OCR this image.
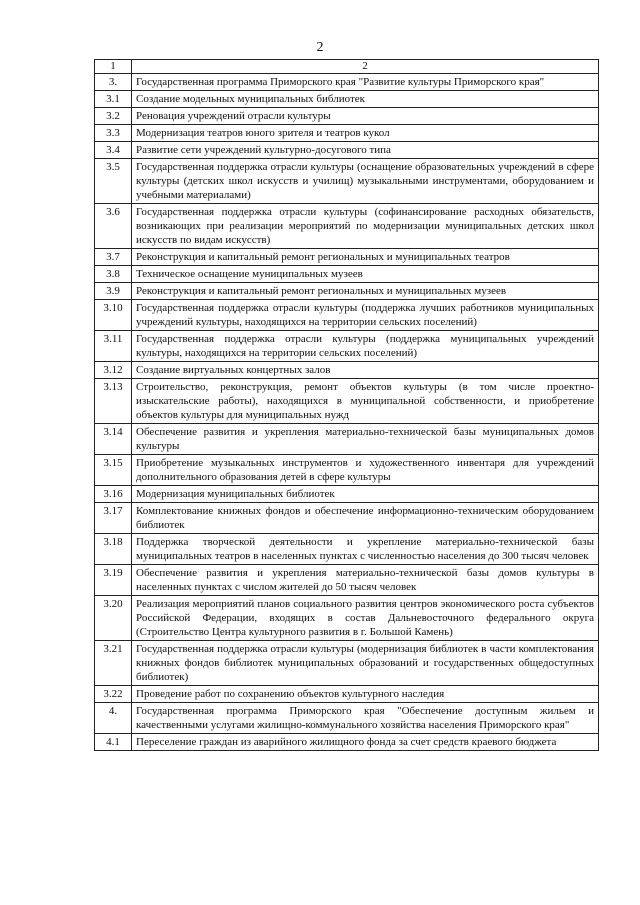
2
1	2
3.	Государственная программа Приморского края "Развитие культуры Приморского края"
3.1	Создание модельных муниципальных библиотек
3.2	Реновация учреждений отрасли культуры
3.3	Модернизация театров юного зрителя и театров кукол
3.4	Развитие сети учреждений культурно-досугового типа
3.5	Государственная поддержка отрасли культуры (оснащение образовательных учреждений в сфере культуры (детских школ искусств и училищ) музыкальными инструментами, оборудованием и учебными материалами)
3.6	Государственная поддержка отрасли культуры (софинансирование расходных обязательств, возникающих при реализации мероприятий по модернизации муниципальных детских школ искусств по видам искусств)
3.7	Реконструкция и капитальный ремонт региональных и муниципальных театров
3.8	Техническое оснащение муниципальных музеев
3.9	Реконструкция и капитальный ремонт региональных и муниципальных музеев
3.10	Государственная поддержка отрасли культуры (поддержка лучших работников муниципальных учреждений культуры, находящихся на территории сельских поселений)
3.11	Государственная поддержка отрасли культуры (поддержка муниципальных учреждений культуры, находящихся на территории сельских поселений)
3.12	Создание виртуальных концертных залов
3.13	Строительство, реконструкция, ремонт объектов культуры (в том числе проектно-изыскательские работы), находящихся в муниципальной собственности, и приобретение объектов культуры для муниципальных нужд
3.14	Обеспечение развития и укрепления материально-технической базы муниципальных домов культуры
3.15	Приобретение музыкальных инструментов и художественного инвентаря для учреждений дополнительного образования детей в сфере культуры
3.16	Модернизация муниципальных библиотек
3.17	Комплектование книжных фондов и обеспечение информационно-техническим оборудованием библиотек
3.18	Поддержка творческой деятельности и укрепление материально-технической базы муниципальных театров в населенных пунктах с численностью населения до 300 тысяч человек
3.19	Обеспечение развития и укрепления материально-технической базы домов культуры в населенных пунктах с числом жителей до 50 тысяч человек
3.20	Реализация мероприятий планов социального развития центров экономического роста субъектов Российской Федерации, входящих в состав Дальневосточного федерального округа (Строительство Центра культурного развития в г. Большой Камень)
3.21	Государственная поддержка отрасли культуры (модернизация библиотек в части комплектования книжных фондов библиотек муниципальных образований и государственных общедоступных библиотек)
3.22	Проведение работ по сохранению объектов культурного наследия
4.	Государственная программа Приморского края "Обеспечение доступным жильем и качественными услугами жилищно-коммунального хозяйства населения Приморского края"
4.1	Переселение граждан из аварийного жилищного фонда за счет средств краевого бюджета
